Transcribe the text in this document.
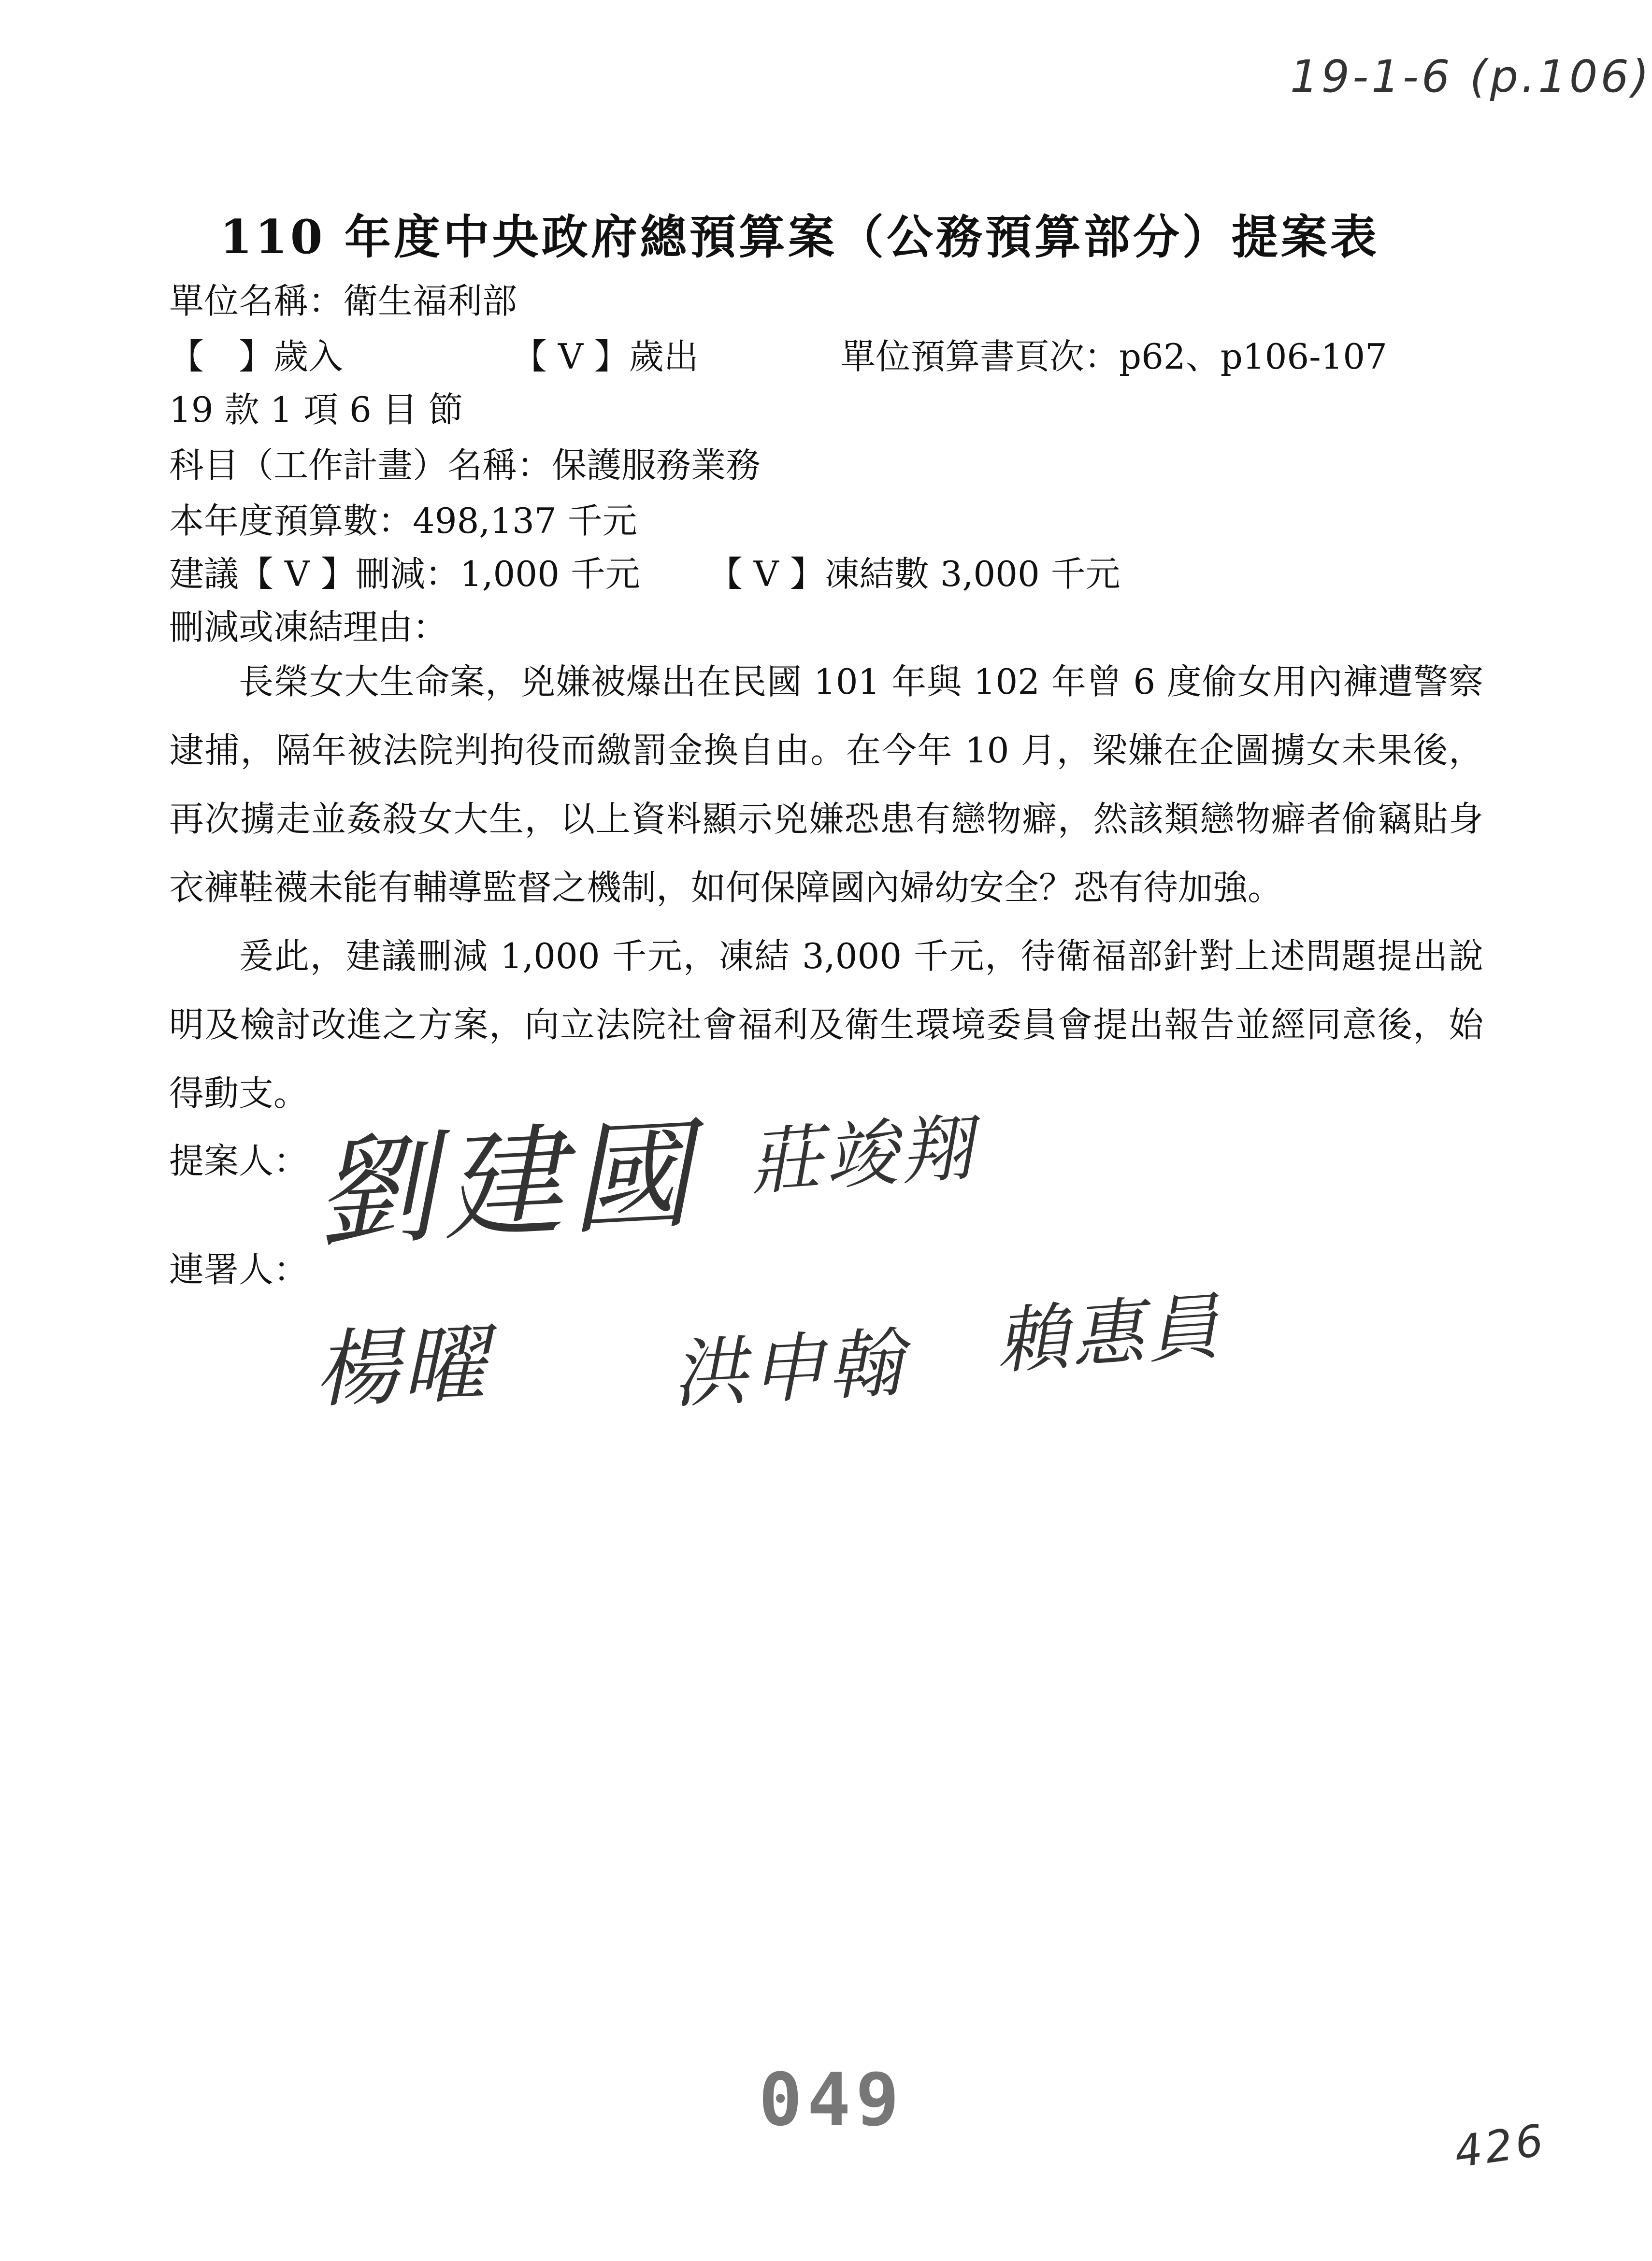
19-1-6 (p.106)
110 年度中央政府總預算案（公務預算部分）提案表
單位名稱：衛生福利部
【　】歲入	【 V 】歲出	單位預算書頁次：p62、p106-107
19 款 1 項 6 目 節
科目（工作計畫）名稱：保護服務業務
本年度預算數：498,137 千元
建議【 V 】刪減：1,000 千元 【 V 】凍結數 3,000 千元
刪減或凍結理由：

長榮女大生命案，兇嫌被爆出在民國 101 年與 102 年曾 6 度偷女用內褲遭警察逮捕，隔年被法院判拘役而繳罰金換自由。在今年 10 月，梁嫌在企圖擄女未果後，再次擄走並姦殺女大生，以上資料顯示兇嫌恐患有戀物癖，然該類戀物癖者偷竊貼身衣褲鞋襪未能有輔導監督之機制，如何保障國內婦幼安全？恐有待加強。

爰此，建議刪減 1,000 千元，凍結 3,000 千元，待衛福部針對上述問題提出說明及檢討改進之方案，向立法院社會福利及衛生環境委員會提出報告並經同意後，始得動支。

提案人：
連署人：
劉建國 莊竣翔
楊曜 洪申翰 賴惠員
049
426
